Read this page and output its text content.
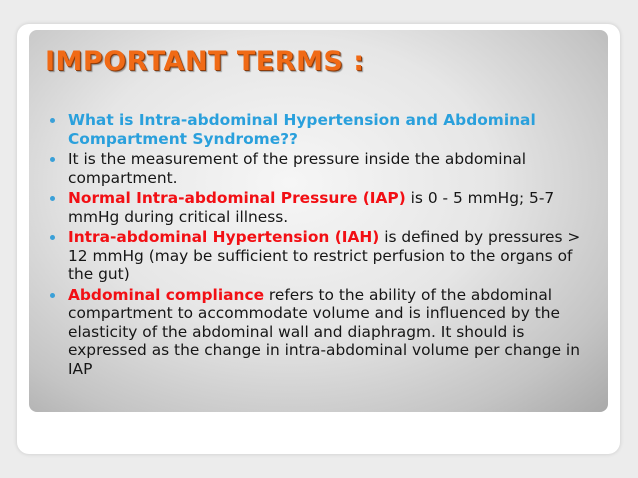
IMPORTANT TERMS :
What is Intra-abdominal Hypertension and Abdominal Compartment Syndrome??
It is the measurement of the pressure inside the abdominal compartment.
Normal Intra-abdominal Pressure (IAP) is 0 - 5 mmHg; 5-7 mmHg during critical illness.
Intra-abdominal Hypertension (IAH) is defined by pressures > 12 mmHg (may be sufficient to restrict perfusion to the organs of the gut)
Abdominal compliance refers to the ability of the abdominal compartment to accommodate volume and is influenced by the elasticity of the abdominal wall and diaphragm. It should is expressed as the change in intra-abdominal volume per change in IAP
